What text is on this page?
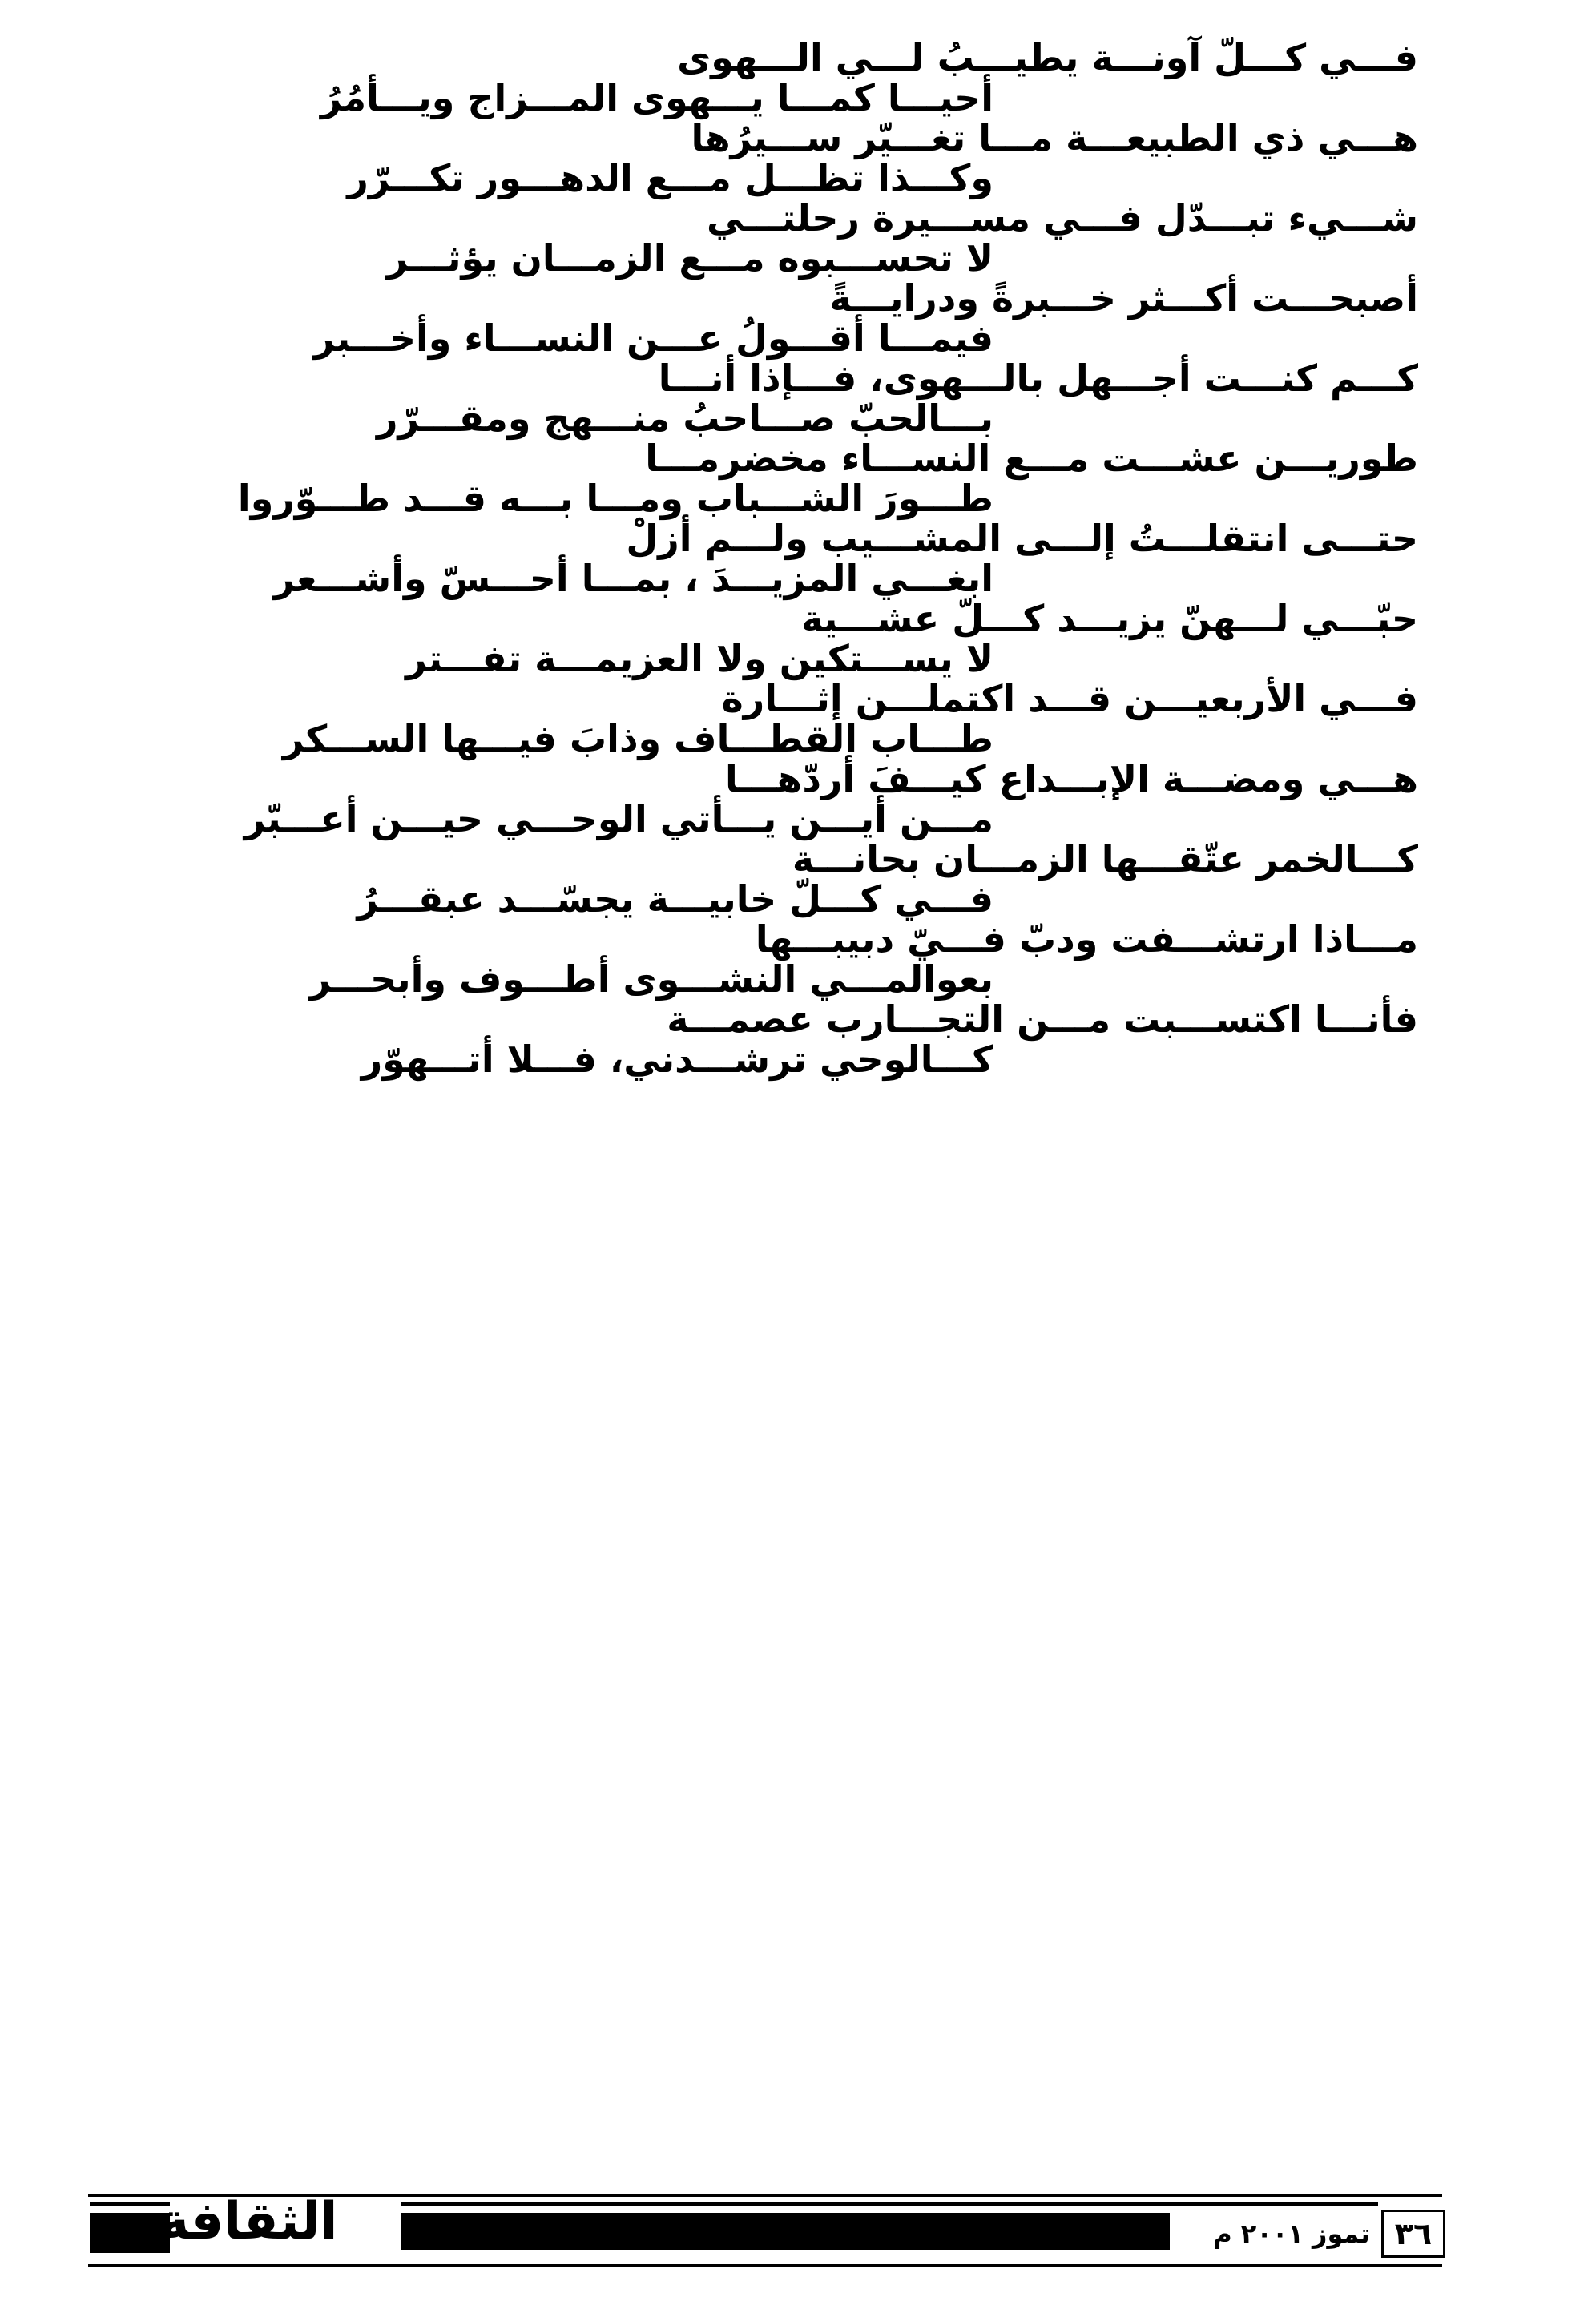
فـــي كـــلّ آونـــة يطيـــبُ لـــي الـــهوى
أحيـــا كمـــا يـــهوى المـــزاج ويـــأمُرُ
هـــي ذي الطبيعـــة مـــا تغـــيّر ســـيرُها
وكـــذا تظـــل مـــع الدهـــور تكـــرّر
شـــيء تبـــدّل فـــي مســـيرة رحلتـــي
لا تحســـبوه مـــع الزمـــان يؤثـــر
أصبحـــت أكـــثر خـــبرةً ودرايـــةً
فيمـــا أقـــولُ عـــن النســـاء وأخـــبر
كـــم كنـــت أجـــهل بالـــهوى، فـــإذا أنـــا
بـــالحبّ صـــاحبُ منـــهج ومقـــرّر
طوريـــن عشـــت مـــع النســـاء مخضرمـــا
طـــورَ الشـــباب ومـــا بـــه قـــد طـــوّروا
حتـــى انتقلـــتُ إلـــى المشـــيب ولـــم أزلْ
ابغـــي المزيـــدَ ، بمـــا أحـــسّ وأشـــعر
حبّـــي لـــهنّ يزيـــد كـــلّ عشـــية
لا يســـتكين ولا العزيمـــة تفـــتر
فـــي الأربعيـــن قـــد اكتملـــن إثـــارة
طـــاب القطـــاف وذابَ فيـــها الســـكر
هـــي ومضـــة الإبـــداع كيـــفَ أردّهـــا
مـــن أيـــن يـــأتي الوحـــي حيـــن أعـــبّر
كـــالخمر عتّقـــها الزمـــان بحانـــة
فـــي كـــلّ خابيـــة يجسّـــد عبقـــرُ
مـــاذا ارتشـــفت ودبّ فـــيّ دبيبـــها
بعوالمـــي النشـــوى أطـــوف وأبحـــر
فأنـــا اكتســـبت مـــن التجـــارب عصمـــة
كـــالوحي ترشـــدني، فـــلا أتـــهوّر
الثقافة	تموز ٢٠٠١ م ٣٦
